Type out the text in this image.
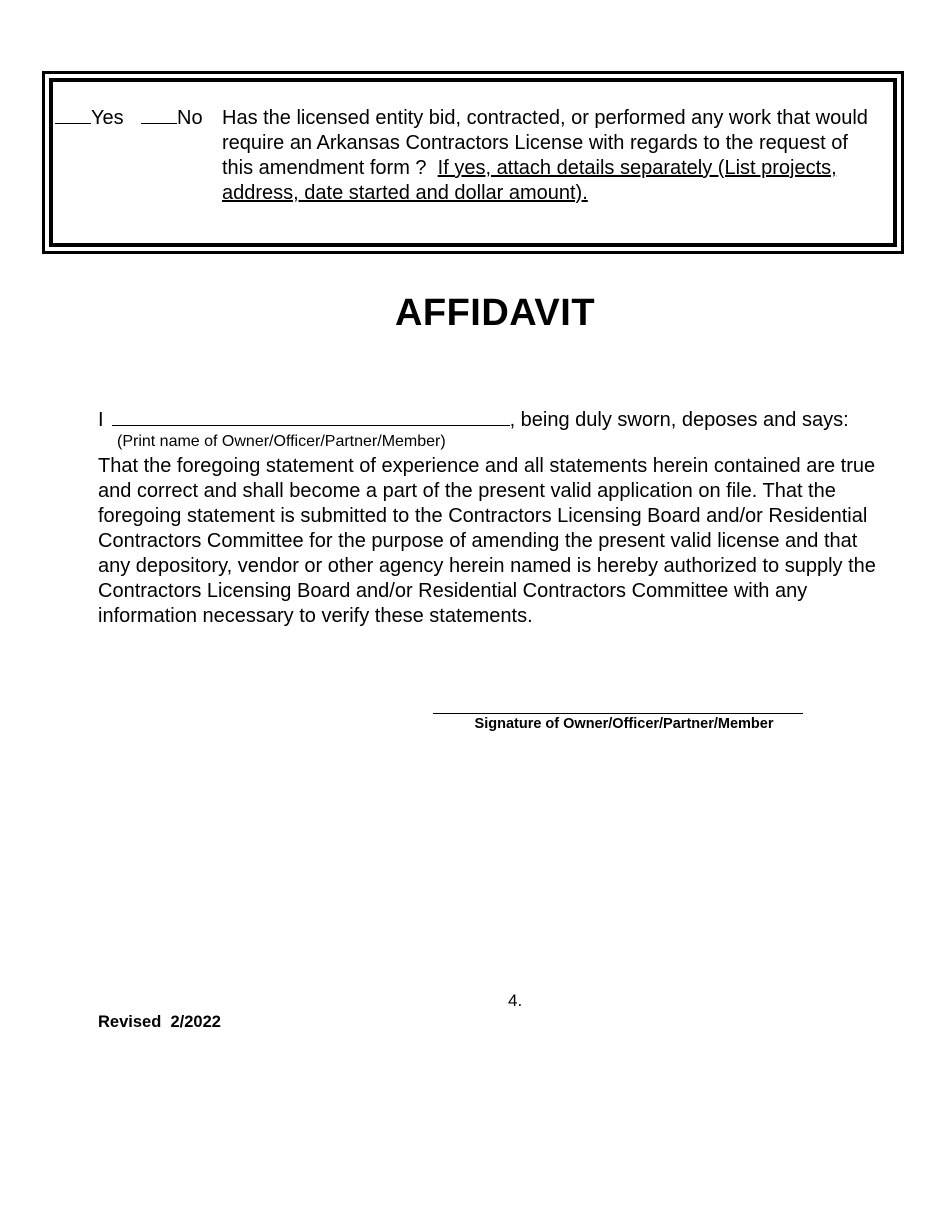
Yes	No Has the licensed entity bid, contracted, or performed any work that would require an Arkansas Contractors License with regards to the request of this amendment form ? If yes, attach details separately (List projects, address, date started and dollar amount).

AFFIDAVIT
I	, being duly sworn, deposes and says:
(Print name of Owner/Officer/Partner/Member)

That the foregoing statement of experience and all statements herein contained are true and correct and shall become a part of the present valid application on file. That the foregoing statement is submitted to the Contractors Licensing Board and/or Residential Contractors Committee for the purpose of amending the present valid license and that any depository, vendor or other agency herein named is hereby authorized to supply the Contractors Licensing Board and/or Residential Contractors Committee with any information necessary to verify these statements.

Signature of Owner/Officer/Partner/Member
4.
Revised  2/2022
